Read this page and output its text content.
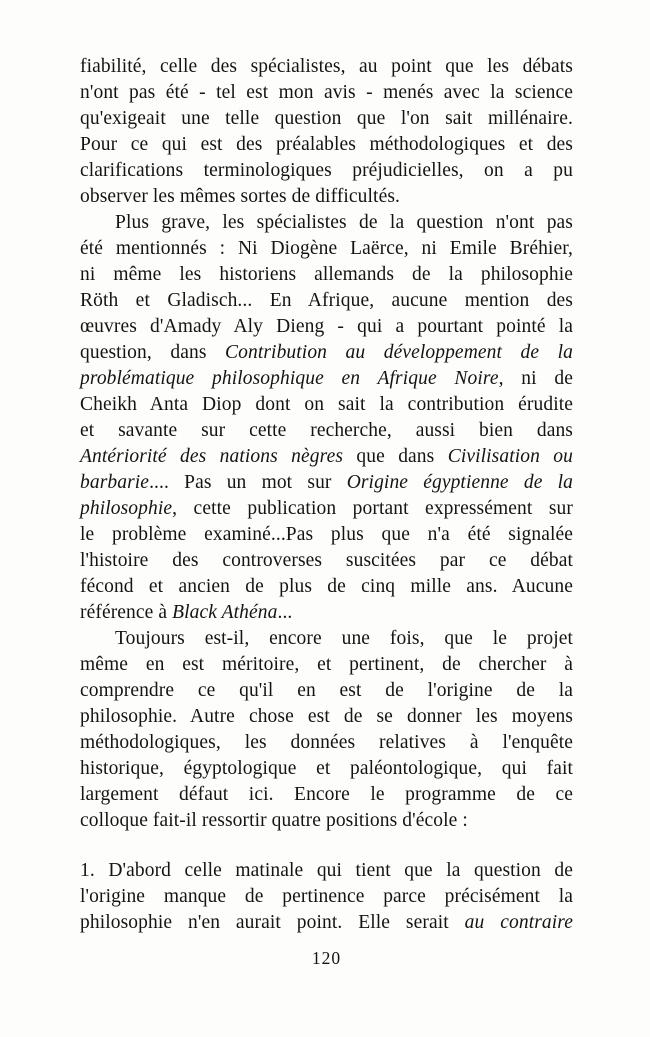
fiabilité, celle des spécialistes, au point que les débats
n'ont pas été - tel est mon avis - menés avec la science
qu'exigeait une telle question que l'on sait millénaire.
Pour ce qui est des préalables méthodologiques et des
clarifications terminologiques préjudicielles, on a pu
observer les mêmes sortes de difficultés.
Plus grave, les spécialistes de la question n'ont pas
été mentionnés : Ni Diogène Laërce, ni Emile Bréhier,
ni même les historiens allemands de la philosophie
Röth et Gladisch... En Afrique, aucune mention des
œuvres d'Amady Aly Dieng - qui a pourtant pointé la
question, dans Contribution au développement de la
problématique philosophique en Afrique Noire, ni de
Cheikh Anta Diop dont on sait la contribution érudite
et savante sur cette recherche, aussi bien dans
Antériorité des nations nègres que dans Civilisation ou
barbarie.... Pas un mot sur Origine égyptienne de la
philosophie, cette publication portant expressément sur
le problème examiné...Pas plus que n'a été signalée
l'histoire des controverses suscitées par ce débat
fécond et ancien de plus de cinq mille ans. Aucune
référence à Black Athéna...
Toujours est-il, encore une fois, que le projet
même en est méritoire, et pertinent, de chercher à
comprendre ce qu'il en est de l'origine de la
philosophie. Autre chose est de se donner les moyens
méthodologiques, les données relatives à l'enquête
historique, égyptologique et paléontologique, qui fait
largement défaut ici. Encore le programme de ce
colloque fait-il ressortir quatre positions d'école :
1. D'abord celle matinale qui tient que la question de
l'origine manque de pertinence parce précisément la
philosophie n'en aurait point. Elle serait au contraire
120
